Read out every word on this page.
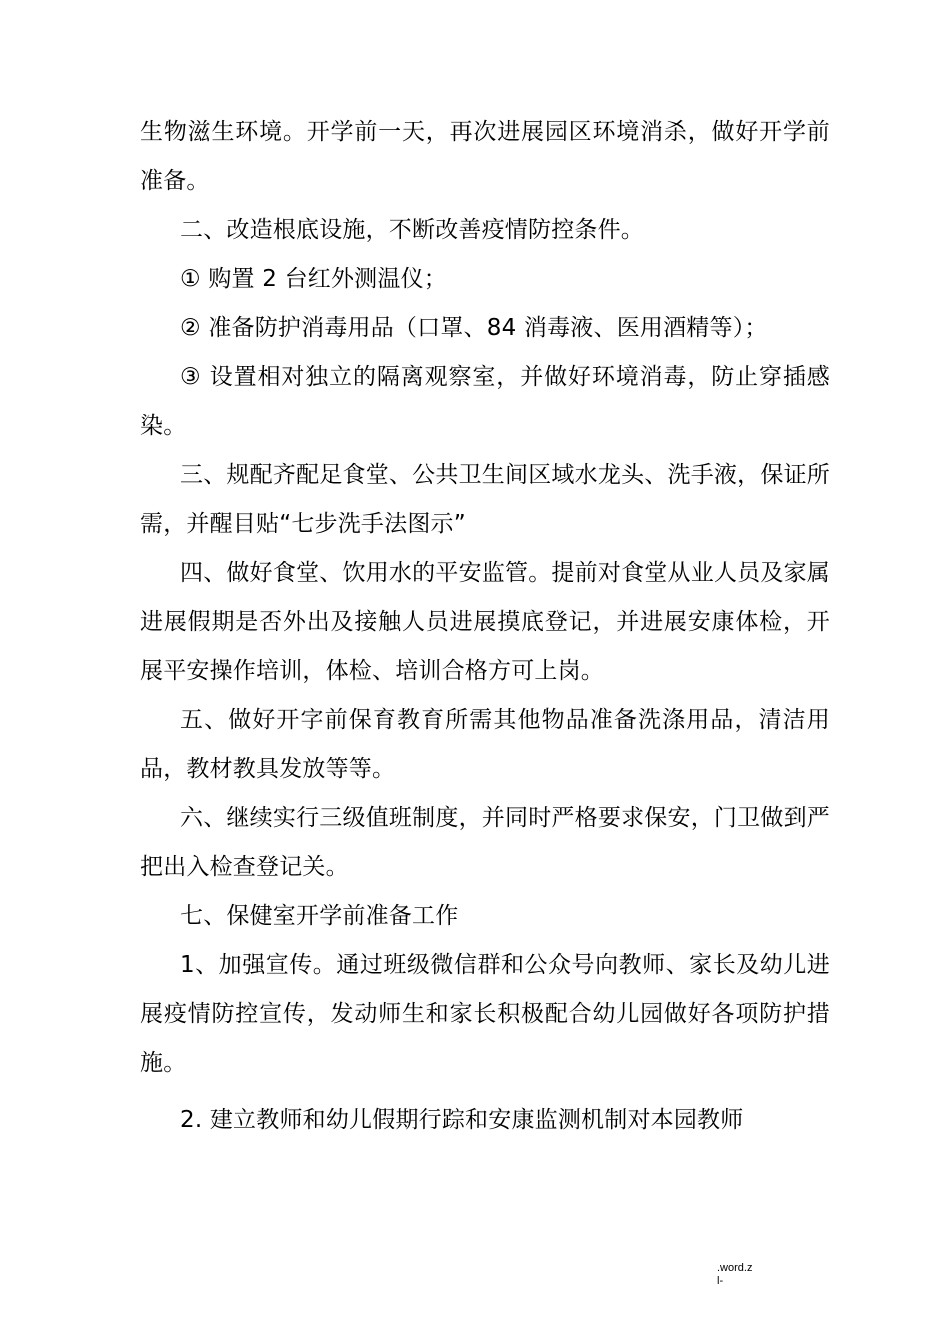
生物滋生环境。开学前一天，再次进展园区环境消杀，做好开学前准备。

二、改造根底设施，不断改善疫情防控条件。

① 购置 2 台红外测温仪；

② 准备防护消毒用品（口罩、84 消毒液、医用酒精等）；

③ 设置相对独立的隔离观察室，并做好环境消毒，防止穿插感染。

三、规配齐配足食堂、公共卫生间区域水龙头、洗手液，保证所需，并醒目贴“七步洗手法图示”

四、做好食堂、饮用水的平安监管。提前对食堂从业人员及家属进展假期是否外出及接触人员进展摸底登记，并进展安康体检，开展平安操作培训，体检、培训合格方可上岗。

五、做好开字前保育教育所需其他物品准备洗涤用品，清洁用品，教材教具发放等等。

六、继续实行三级值班制度，并同时严格要求保安，门卫做到严把出入检查登记关。

七、保健室开学前准备工作

1、加强宣传。通过班级微信群和公众号向教师、家长及幼儿进展疫情防控宣传，发动师生和家长积极配合幼儿园做好各项防护措施。

2. 建立教师和幼儿假期行踪和安康监测机制对本园教师

.word.z
l-
